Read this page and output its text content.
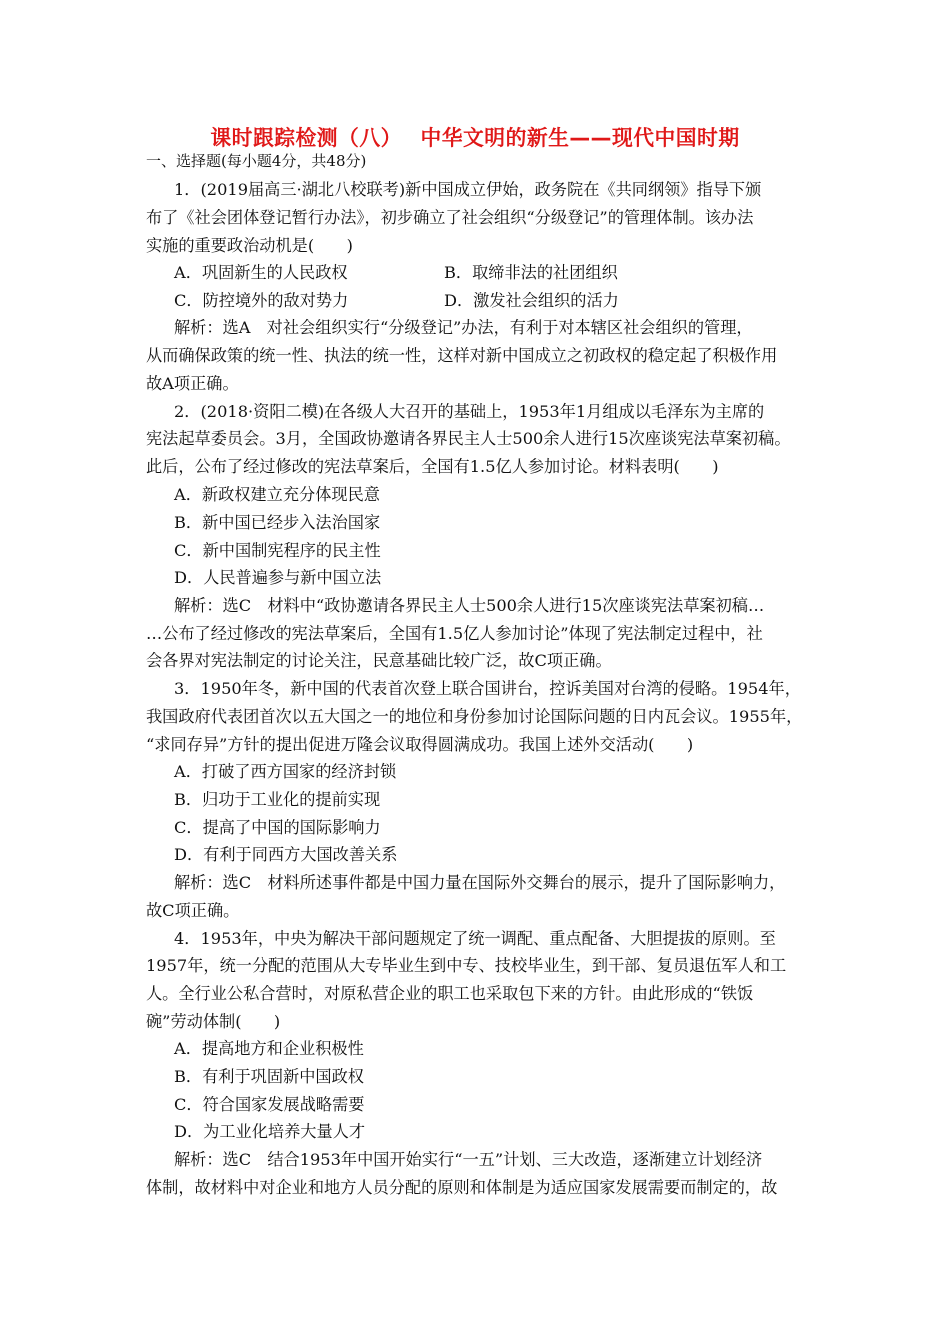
课时跟踪检测（八）　 中华文明的新生——现代中国时期
一、选择题(每小题4分，共48分)
1．(2019届高三·湖北八校联考)新中国成立伊始，政务院在《共同纲领》指导下颁
布了《社会团体登记暂行办法》，初步确立了社会组织“分级登记”的管理体制。该办法
实施的重要政治动机是(　　)
A．巩固新生的人民政权	B．取缔非法的社团组织
C．防控境外的敌对势力	D．激发社会组织的活力
解析：选A　对社会组织实行“分级登记”办法，有利于对本辖区社会组织的管理，
从而确保政策的统一性、执法的统一性，这样对新中国成立之初政权的稳定起了积极作用
故A项正确。
2．(2018·资阳二模)在各级人大召开的基础上，1953年1月组成以毛泽东为主席的
宪法起草委员会。3月，全国政协邀请各界民主人士500余人进行15次座谈宪法草案初稿。
此后，公布了经过修改的宪法草案后，全国有1.5亿人参加讨论。材料表明(　　)
A．新政权建立充分体现民意
B．新中国已经步入法治国家
C．新中国制宪程序的民主性
D．人民普遍参与新中国立法
解析：选C　材料中“政协邀请各界民主人士500余人进行15次座谈宪法草案初稿…
…公布了经过修改的宪法草案后，全国有1.5亿人参加讨论”体现了宪法制定过程中，社
会各界对宪法制定的讨论关注，民意基础比较广泛，故C项正确。
3．1950年冬，新中国的代表首次登上联合国讲台，控诉美国对台湾的侵略。1954年，
我国政府代表团首次以五大国之一的地位和身份参加讨论国际问题的日内瓦会议。1955年，
“求同存异”方针的提出促进万隆会议取得圆满成功。我国上述外交活动(　　)
A．打破了西方国家的经济封锁
B．归功于工业化的提前实现
C．提高了中国的国际影响力
D．有利于同西方大国改善关系
解析：选C　材料所述事件都是中国力量在国际外交舞台的展示，提升了国际影响力，
故C项正确。
4．1953年，中央为解决干部问题规定了统一调配、重点配备、大胆提拔的原则。至
1957年，统一分配的范围从大专毕业生到中专、技校毕业生，到干部、复员退伍军人和工
人。全行业公私合营时，对原私营企业的职工也采取包下来的方针。由此形成的“铁饭
碗”劳动体制(　　)
A．提高地方和企业积极性
B．有利于巩固新中国政权
C．符合国家发展战略需要
D．为工业化培养大量人才
解析：选C　结合1953年中国开始实行“一五”计划、三大改造，逐渐建立计划经济
体制，故材料中对企业和地方人员分配的原则和体制是为适应国家发展需要而制定的，故
